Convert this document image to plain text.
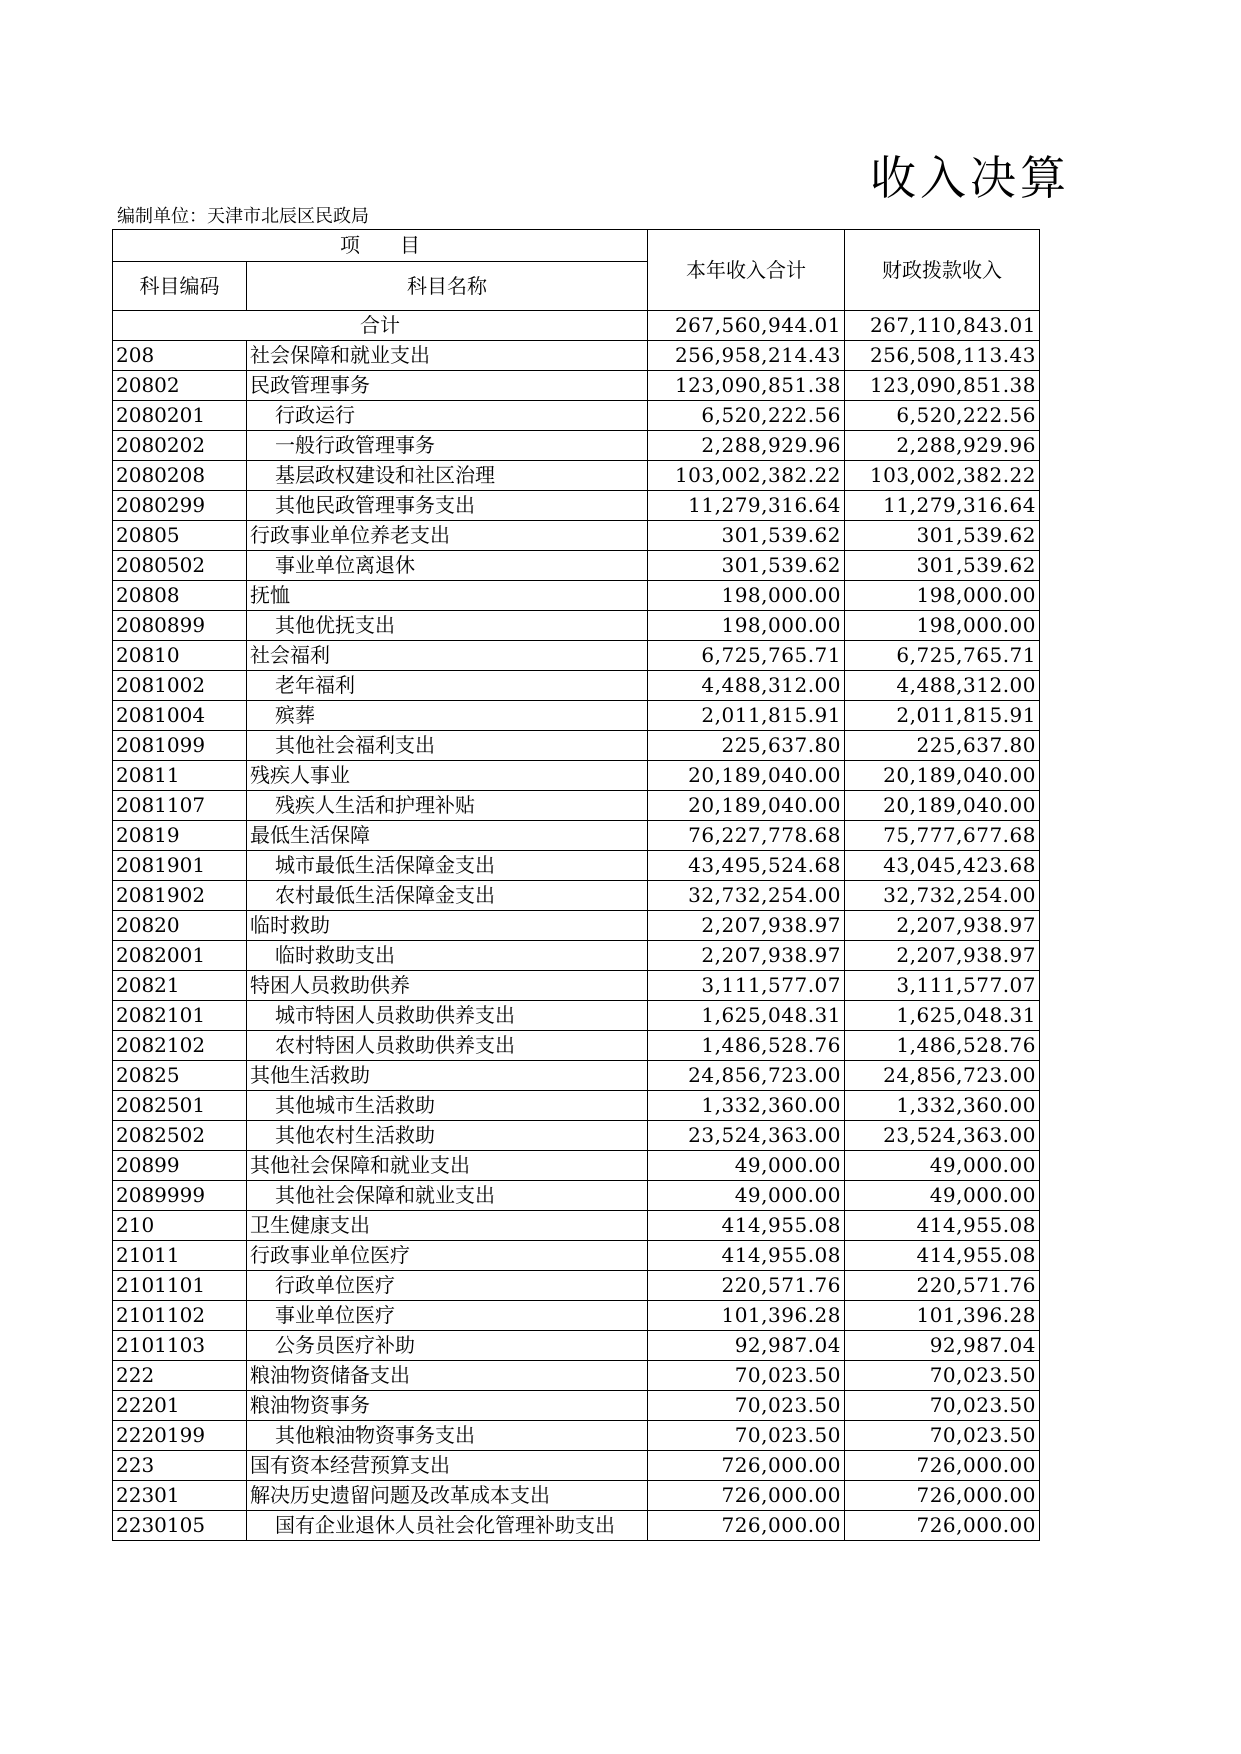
收入决算
编制单位：天津市北辰区民政局
项　　目		本年收入合计	财政拨款收入
科目编码	科目名称		
合计		267,560,944.01	267,110,843.01
208	社会保障和就业支出	256,958,214.43	256,508,113.43
20802	民政管理事务	123,090,851.38	123,090,851.38
2080201	行政运行	6,520,222.56	6,520,222.56
2080202	一般行政管理事务	2,288,929.96	2,288,929.96
2080208	基层政权建设和社区治理	103,002,382.22	103,002,382.22
2080299	其他民政管理事务支出	11,279,316.64	11,279,316.64
20805	行政事业单位养老支出	301,539.62	301,539.62
2080502	事业单位离退休	301,539.62	301,539.62
20808	抚恤	198,000.00	198,000.00
2080899	其他优抚支出	198,000.00	198,000.00
20810	社会福利	6,725,765.71	6,725,765.71
2081002	老年福利	4,488,312.00	4,488,312.00
2081004	殡葬	2,011,815.91	2,011,815.91
2081099	其他社会福利支出	225,637.80	225,637.80
20811	残疾人事业	20,189,040.00	20,189,040.00
2081107	残疾人生活和护理补贴	20,189,040.00	20,189,040.00
20819	最低生活保障	76,227,778.68	75,777,677.68
2081901	城市最低生活保障金支出	43,495,524.68	43,045,423.68
2081902	农村最低生活保障金支出	32,732,254.00	32,732,254.00
20820	临时救助	2,207,938.97	2,207,938.97
2082001	临时救助支出	2,207,938.97	2,207,938.97
20821	特困人员救助供养	3,111,577.07	3,111,577.07
2082101	城市特困人员救助供养支出	1,625,048.31	1,625,048.31
2082102	农村特困人员救助供养支出	1,486,528.76	1,486,528.76
20825	其他生活救助	24,856,723.00	24,856,723.00
2082501	其他城市生活救助	1,332,360.00	1,332,360.00
2082502	其他农村生活救助	23,524,363.00	23,524,363.00
20899	其他社会保障和就业支出	49,000.00	49,000.00
2089999	其他社会保障和就业支出	49,000.00	49,000.00
210	卫生健康支出	414,955.08	414,955.08
21011	行政事业单位医疗	414,955.08	414,955.08
2101101	行政单位医疗	220,571.76	220,571.76
2101102	事业单位医疗	101,396.28	101,396.28
2101103	公务员医疗补助	92,987.04	92,987.04
222	粮油物资储备支出	70,023.50	70,023.50
22201	粮油物资事务	70,023.50	70,023.50
2220199	其他粮油物资事务支出	70,023.50	70,023.50
223	国有资本经营预算支出	726,000.00	726,000.00
22301	解决历史遗留问题及改革成本支出	726,000.00	726,000.00
2230105	国有企业退休人员社会化管理补助支出	726,000.00	726,000.00
